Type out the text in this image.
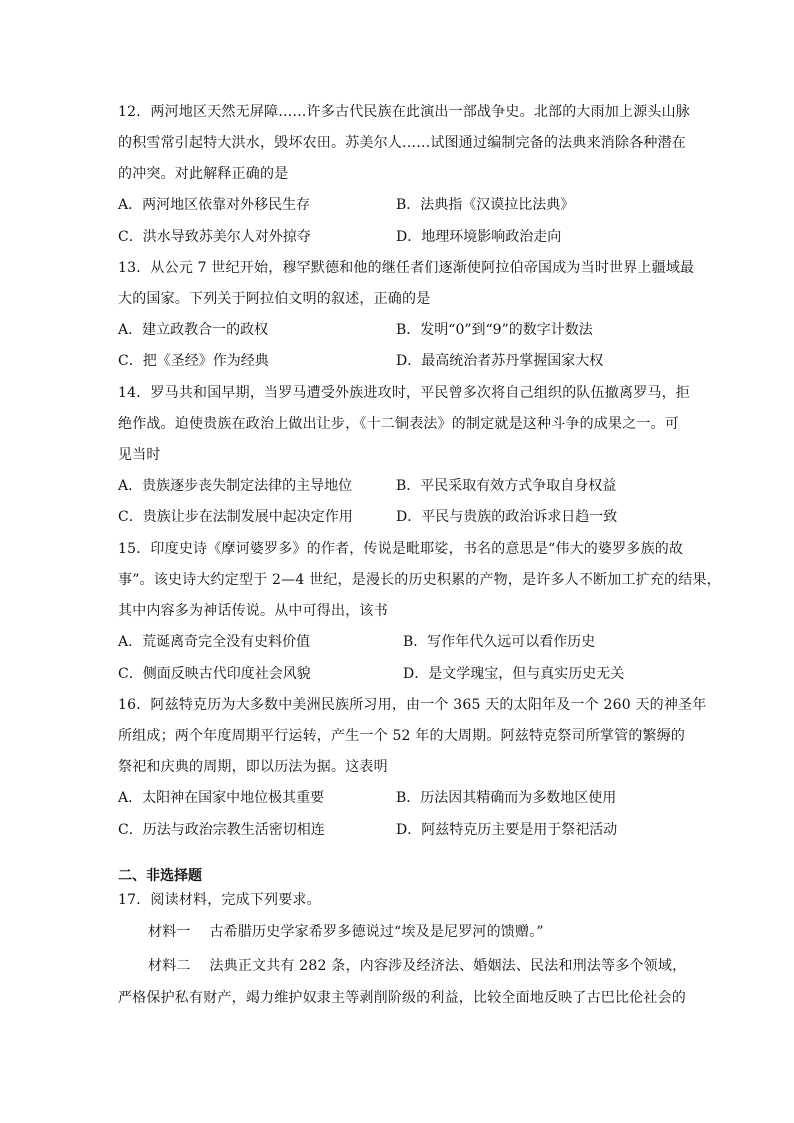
12．两河地区天然无屏障……许多古代民族在此演出一部战争史。北部的大雨加上源头山脉
的积雪常引起特大洪水，毁坏农田。苏美尔人……试图通过编制完备的法典来消除各种潜在
的冲突。对此解释正确的是
A．两河地区依靠对外移民生存	B．法典指《汉谟拉比法典》
C．洪水导致苏美尔人对外掠夺	D．地理环境影响政治走向
13．从公元 7 世纪开始，穆罕默德和他的继任者们逐渐使阿拉伯帝国成为当时世界上疆域最
大的国家。下列关于阿拉伯文明的叙述，正确的是
A．建立政教合一的政权	B．发明“0”到“9”的数字计数法
C．把《圣经》作为经典	D．最高统治者苏丹掌握国家大权
14．罗马共和国早期，当罗马遭受外族进攻时，平民曾多次将自己组织的队伍撤离罗马，拒
绝作战。迫使贵族在政治上做出让步，《十二铜表法》的制定就是这种斗争的成果之一。可
见当时
A．贵族逐步丧失制定法律的主导地位	B．平民采取有效方式争取自身权益
C．贵族让步在法制发展中起决定作用	D．平民与贵族的政治诉求日趋一致
15．印度史诗《摩诃婆罗多》的作者，传说是毗耶娑，书名的意思是“伟大的婆罗多族的故
事”。该史诗大约定型于 2—4 世纪，是漫长的历史积累的产物，是许多人不断加工扩充的结果，
其中内容多为神话传说。从中可得出，该书
A．荒诞离奇完全没有史料价值	B．写作年代久远可以看作历史
C．侧面反映古代印度社会风貌	D．是文学瑰宝，但与真实历史无关
16．阿兹特克历为大多数中美洲民族所习用，由一个 365 天的太阳年及一个 260 天的神圣年
所组成；两个年度周期平行运转，产生一个 52 年的大周期。阿兹特克祭司所掌管的繁缛的
祭祀和庆典的周期，即以历法为据。这表明
A．太阳神在国家中地位极其重要	B．历法因其精确而为多数地区使用
C．历法与政治宗教生活密切相连	D．阿兹特克历主要是用于祭祀活动
二、非选择题
17．阅读材料，完成下列要求。
材料一　 古希腊历史学家希罗多德说过“埃及是尼罗河的馈赠。”
材料二　 法典正文共有 282 条，内容涉及经济法、婚姻法、民法和刑法等多个领域，
严格保护私有财产，竭力维护奴隶主等剥削阶级的利益，比较全面地反映了古巴比伦社会的
